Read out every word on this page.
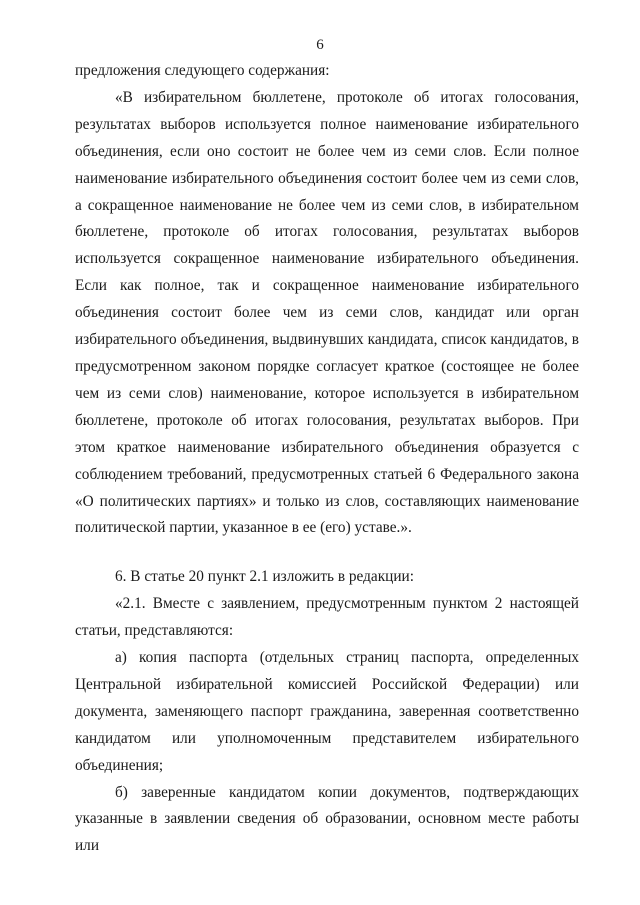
6

предложения следующего содержания:

«В избирательном бюллетене, протоколе об итогах голосования, результатах выборов используется полное наименование избирательного объединения, если оно состоит не более чем из семи слов. Если полное наименование избирательного объединения состоит более чем из семи слов, а сокращенное наименование не более чем из семи слов, в избирательном бюллетене, протоколе об итогах голосования, результатах выборов используется сокращенное наименование избирательного объединения. Если как полное, так и сокращенное наименование избирательного объединения состоит более чем из семи слов, кандидат или орган избирательного объединения, выдвинувших кандидата, список кандидатов, в предусмотренном законом порядке согласует краткое (состоящее не более чем из семи слов) наименование, которое используется в избирательном бюллетене, протоколе об итогах голосования, результатах выборов. При этом краткое наименование избирательного объединения образуется с соблюдением требований, предусмотренных статьей 6 Федерального закона «О политических партиях» и только из слов, составляющих наименование политической партии, указанное в ее (его) уставе.».

6. В статье 20 пункт 2.1 изложить в редакции:

«2.1. Вместе с заявлением, предусмотренным пунктом 2 настоящей статьи, представляются:

а) копия паспорта (отдельных страниц паспорта, определенных Центральной избирательной комиссией Российской Федерации) или документа, заменяющего паспорт гражданина, заверенная соответственно кандидатом или уполномоченным представителем избирательного объединения;

б) заверенные кандидатом копии документов, подтверждающих указанные в заявлении сведения об образовании, основном месте работы или
